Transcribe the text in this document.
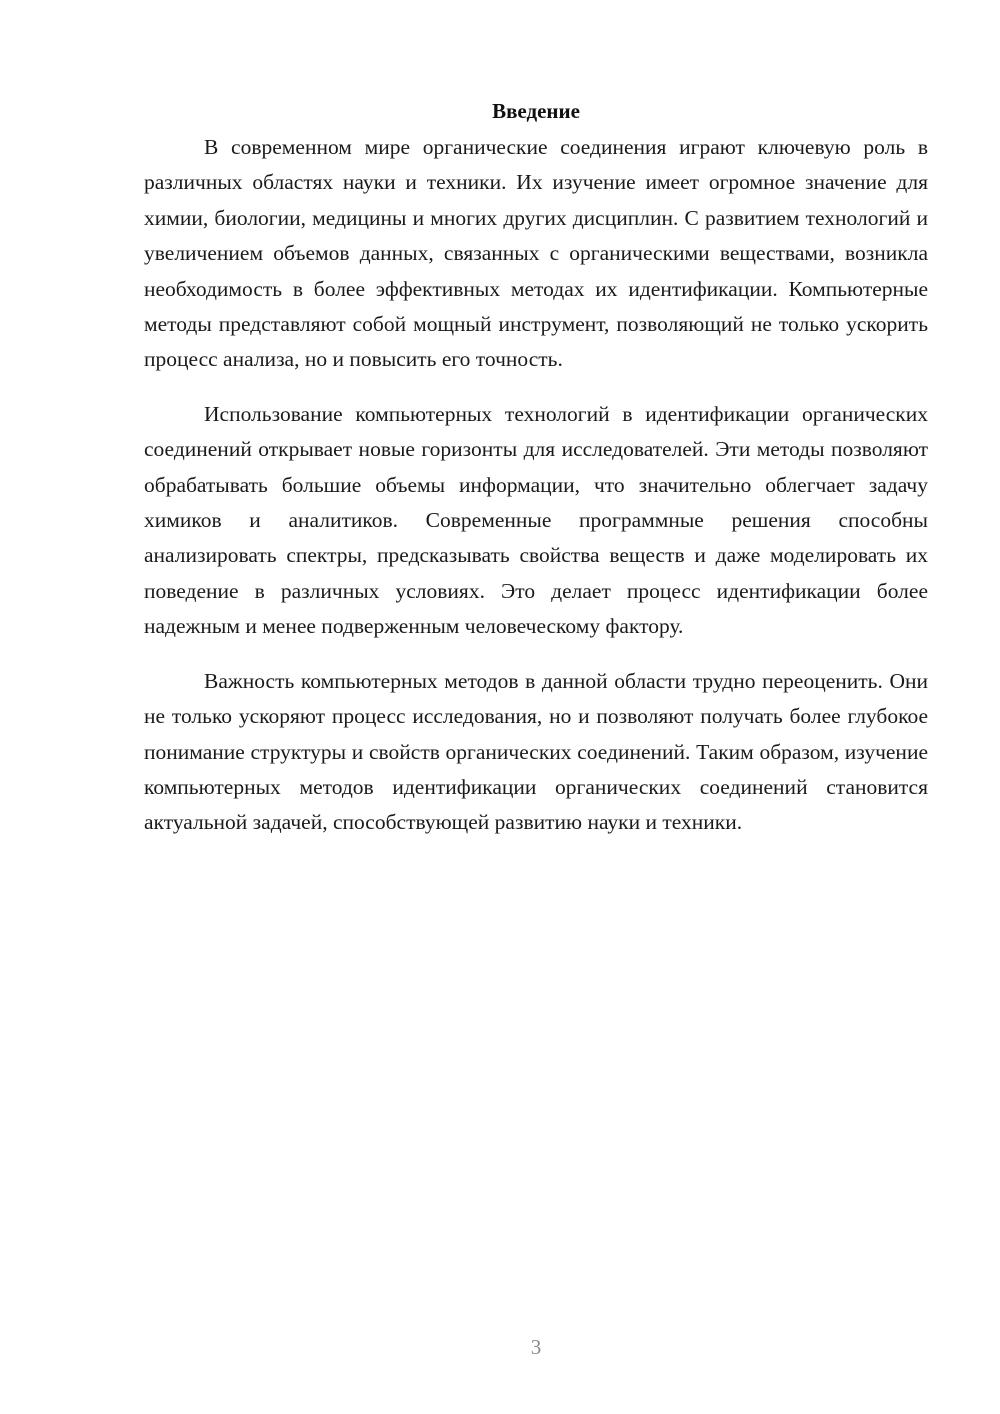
Введение

В современном мире органические соединения играют ключевую роль в различных областях науки и техники. Их изучение имеет огромное значение для химии, биологии, медицины и многих других дисциплин. С развитием технологий и увеличением объемов данных, связанных с органическими веществами, возникла необходимость в более эффективных методах их идентификации. Компьютерные методы представляют собой мощный инструмент, позволяющий не только ускорить процесс анализа, но и повысить его точность.

Использование компьютерных технологий в идентификации органических соединений открывает новые горизонты для исследователей. Эти методы позволяют обрабатывать большие объемы информации, что значительно облегчает задачу химиков и аналитиков. Современные программные решения способны анализировать спектры, предсказывать свойства веществ и даже моделировать их поведение в различных условиях. Это делает процесс идентификации более надежным и менее подверженным человеческому фактору.

Важность компьютерных методов в данной области трудно переоценить. Они не только ускоряют процесс исследования, но и позволяют получать более глубокое понимание структуры и свойств органических соединений. Таким образом, изучение компьютерных методов идентификации органических соединений становится актуальной задачей, способствующей развитию науки и техники.

3
